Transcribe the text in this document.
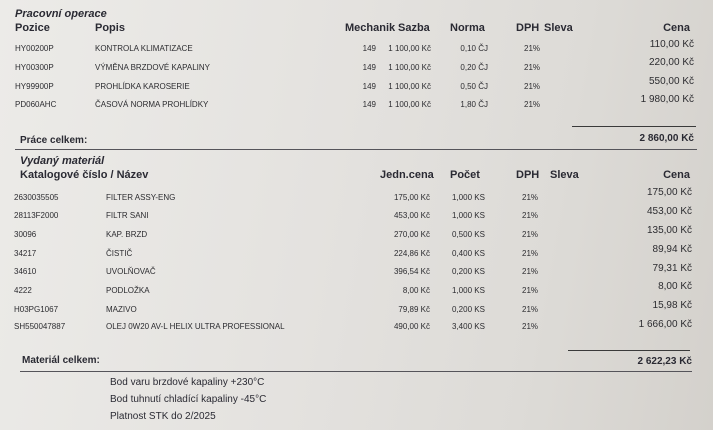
Pracovní operace
Pozice	Popis	Mechanik Sazba Norma	DPH Sleva	Cena
HY00200P	KONTROLA KLIMATIZACE	149	1 100,00 Kč	0,10 ČJ	21%	110,00 Kč
HY00300P	VÝMĚNA BRZDOVÉ KAPALINY	149	1 100,00 Kč	0,20 ČJ	21%	220,00 Kč
HY99900P	PROHLÍDKA KAROSERIE	149	1 100,00 Kč	0,50 ČJ	21%	550,00 Kč
PD060AHC	ČASOVÁ NORMA PROHLÍDKY	149	1 100,00 Kč	1,80 ČJ	21%	1 980,00 Kč
Práce celkem:	2 860,00 Kč
Vydaný materiál
Katalogové číslo / Název	Jedn.cena Počet	DPH Sleva	Cena
2630035505	FILTER ASSY-ENG	175,00 Kč	1,000 KS	21%	175,00 Kč
28113F2000	FILTR SANI	453,00 Kč	1,000 KS	21%	453,00 Kč
30096	KAP. BRZD	270,00 Kč	0,500 KS	21%	135,00 Kč
34217	ČISTIČ	224,86 Kč	0,400 KS	21%	89,94 Kč
34610	UVOLŇOVAČ	396,54 Kč	0,200 KS	21%	79,31 Kč
4222	PODLOŽKA	8,00 Kč	1,000 KS	21%	8,00 Kč
H03PG1067	MAZIVO	79,89 Kč	0,200 KS	21%	15,98 Kč
SH550047887	OLEJ 0W20 AV-L HELIX ULTRA PROFESSIONAL	490,00 Kč	3,400 KS	21%	1 666,00 Kč
Materiál celkem:	2 622,23 Kč
Bod varu brzdové kapaliny +230°C
Bod tuhnutí chladící kapaliny -45°C
Platnost STK do 2/2025
